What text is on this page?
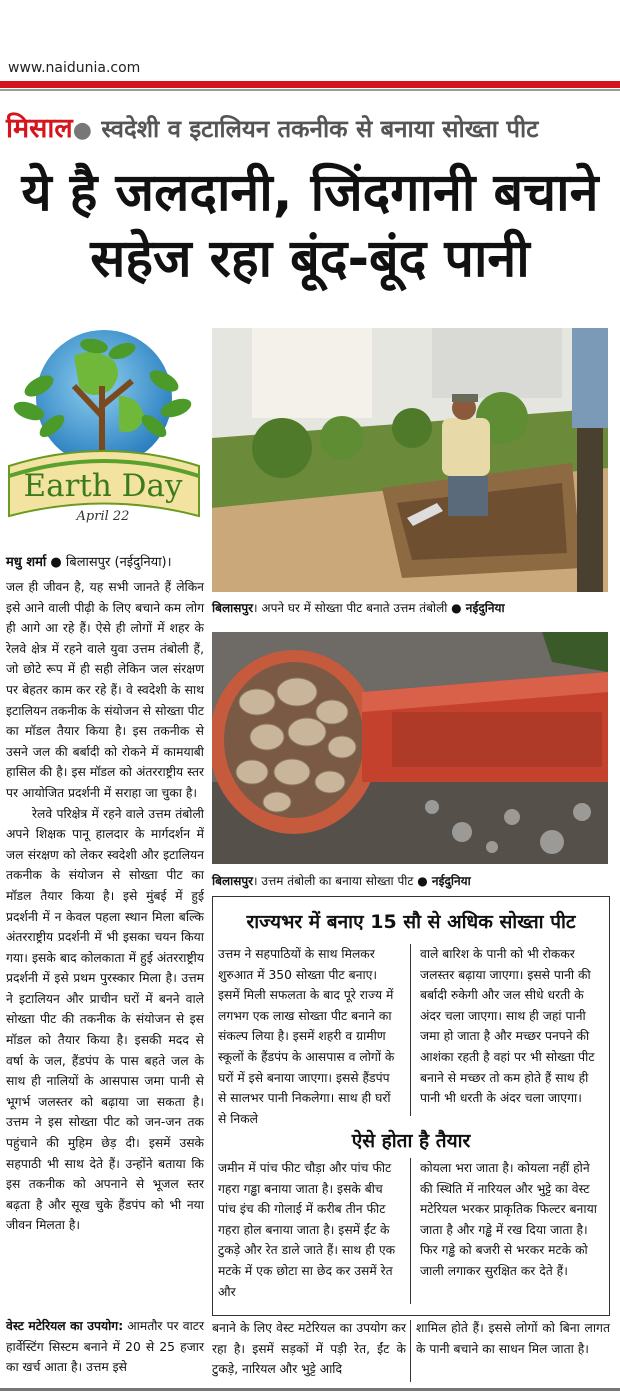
www.naidunia.com
मिसाल● स्वदेशी व इटालियन तकनीक से बनाया सोख्ता पीट
ये है जलदानी, जिंदगानी बचाने
सहेज रहा बूंद-बूंद पानी
Earth Day
April 22
मधु शर्मा ● बिलासपुर (नईदुनिया)।

जल ही जीवन है, यह सभी जानते हैं लेकिन इसे आने वाली पीढ़ी के लिए बचाने कम लोग ही आगे आ रहे हैं। ऐसे ही लोगों में शहर के रेलवे क्षेत्र में रहने वाले युवा उत्तम तंबोली हैं, जो छोटे रूप में ही सही लेकिन जल संरक्षण पर बेहतर काम कर रहे हैं। वे स्वदेशी के साथ इटालियन तकनीक के संयोजन से सोख्ता पीट का मॉडल तैयार किया है। इस तकनीक से उसने जल की बर्बादी को रोकने में कामयाबी हासिल की है। इस मॉडल को अंतरराष्ट्रीय स्तर पर आयोजित प्रदर्शनी में सराहा जा चुका है।

रेलवे परिक्षेत्र में रहने वाले उत्तम तंबोली अपने शिक्षक पानू हालदार के मार्गदर्शन में जल संरक्षण को लेकर स्वदेशी और इटालियन तकनीक के संयोजन से सोख्ता पीट का मॉडल तैयार किया है। इसे मुंबई में हुई प्रदर्शनी में न केवल पहला स्थान मिला बल्कि अंतरराष्ट्रीय प्रदर्शनी में भी इसका चयन किया गया। इसके बाद कोलकाता में हुई अंतरराष्ट्रीय प्रदर्शनी में इसे प्रथम पुरस्कार मिला है। उत्तम ने इटालियन और प्राचीन घरों में बनने वाले सोख्ता पीट की तकनीक के संयोजन से इस मॉडल को तैयार किया है। इसकी मदद से वर्षा के जल, हैंडपंप के पास बहते जल के साथ ही नालियों के आसपास जमा पानी से भूगर्भ जलस्तर को बढ़ाया जा सकता है। उत्तम ने इस सोख्ता पीट को जन-जन तक पहुंचाने की मुहिम छेड़ दी। इसमें उसके सहपाठी भी साथ देते हैं। उन्होंने बताया कि इस तकनीक को अपनाने से भूजल स्तर बढ़ता है और सूख चुके हैंडपंप को भी नया जीवन मिलता है।

बिलासपुर। अपने घर में सोख्ता पीट बनाते उत्तम तंबोली ● नईदुनिया
बिलासपुर। उत्तम तंबोली का बनाया सोख्ता पीट ● नईदुनिया
राज्यभर में बनाए 15 सौ से अधिक सोख्ता पीट
उत्तम ने सहपाठियों के साथ मिलकर शुरुआत में 350 सोख्ता पीट बनाए। इसमें मिली सफलता के बाद पूरे राज्य में लगभग एक लाख सोख्ता पीट बनाने का संकल्प लिया है। इसमें शहरी व ग्रामीण स्कूलों के हैंडपंप के आसपास व लोगों के घरों में इसे बनाया जाएगा। इससे हैंडपंप से सालभर पानी निकलेगा। साथ ही घरों से निकले
वाले बारिश के पानी को भी रोककर जलस्तर बढ़ाया जाएगा। इससे पानी की बर्बादी रुकेगी और जल सीधे धरती के अंदर चला जाएगा। साथ ही जहां पानी जमा हो जाता है और मच्छर पनपने की आशंका रहती है वहां पर भी सोख्ता पीट बनाने से मच्छर तो कम होते हैं साथ ही पानी भी धरती के अंदर चला जाएगा।
ऐसे होता है तैयार
जमीन में पांच फीट चौड़ा और पांच फीट गहरा गड्ढा बनाया जाता है। इसके बीच पांच इंच की गोलाई में करीब तीन फीट गहरा होल बनाया जाता है। इसमें ईंट के टुकड़े और रेत डाले जाते हैं। साथ ही एक मटके में एक छोटा सा छेद कर उसमें रेत और
कोयला भरा जाता है। कोयला नहीं होने की स्थिति में नारियल और भुट्टे का वेस्ट मटेरियल भरकर प्राकृतिक फिल्टर बनाया जाता है और गड्ढे में रख दिया जाता है। फिर गड्ढे को बजरी से भरकर मटके को जाली लगाकर सुरक्षित कर देते हैं।
वेस्ट मटेरियल का उपयोग: आमतौर पर वाटर हार्वेस्टिंग सिस्टम बनाने में 20 से 25 हजार का खर्च आता है। उत्तम इसे
बनाने के लिए वेस्ट मटेरियल का उपयोग कर रहा है। इसमें सड़कों में पड़ी रेत, ईंट के टुकड़े, नारियल और भुट्टे आदि
शामिल होते हैं। इससे लोगों को बिना लागत के पानी बचाने का साधन मिल जाता है।
